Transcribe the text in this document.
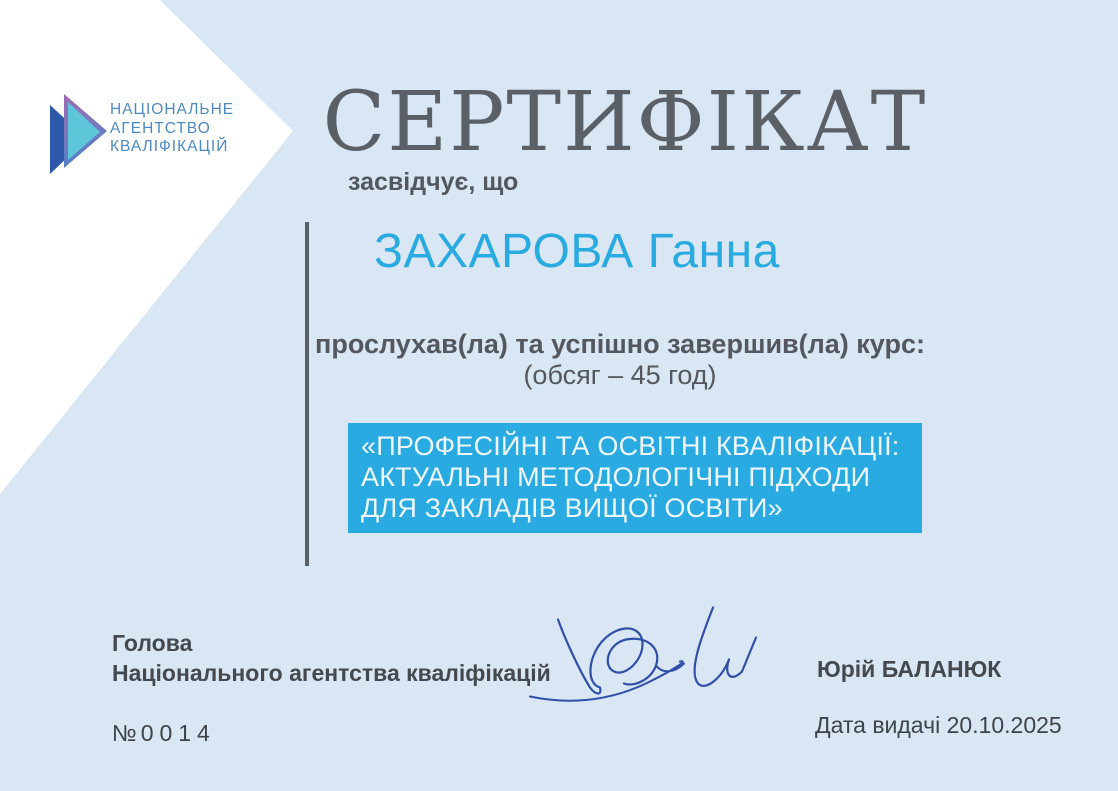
НАЦІОНАЛЬНЕ
АГЕНТСТВО
КВАЛІФІКАЦІЙ	СЕРТИФІКАТ
засвідчує, що
ЗАХАРОВА Ганна
прослухав(ла) та успішно завершив(ла) курс:
(обсяг – 45 год)
«ПРОФЕСІЙНІ ТА ОСВІТНІ КВАЛІФІКАЦІЇ:
АКТУАЛЬНІ МЕТОДОЛОГІЧНІ ПІДХОДИ
ДЛЯ ЗАКЛАДІВ ВИЩОЇ ОСВІТИ»
Голова
Національного агентства кваліфікацій	Юрій БАЛАНЮК
Дата видачі 20.10.2025
№ 0014
